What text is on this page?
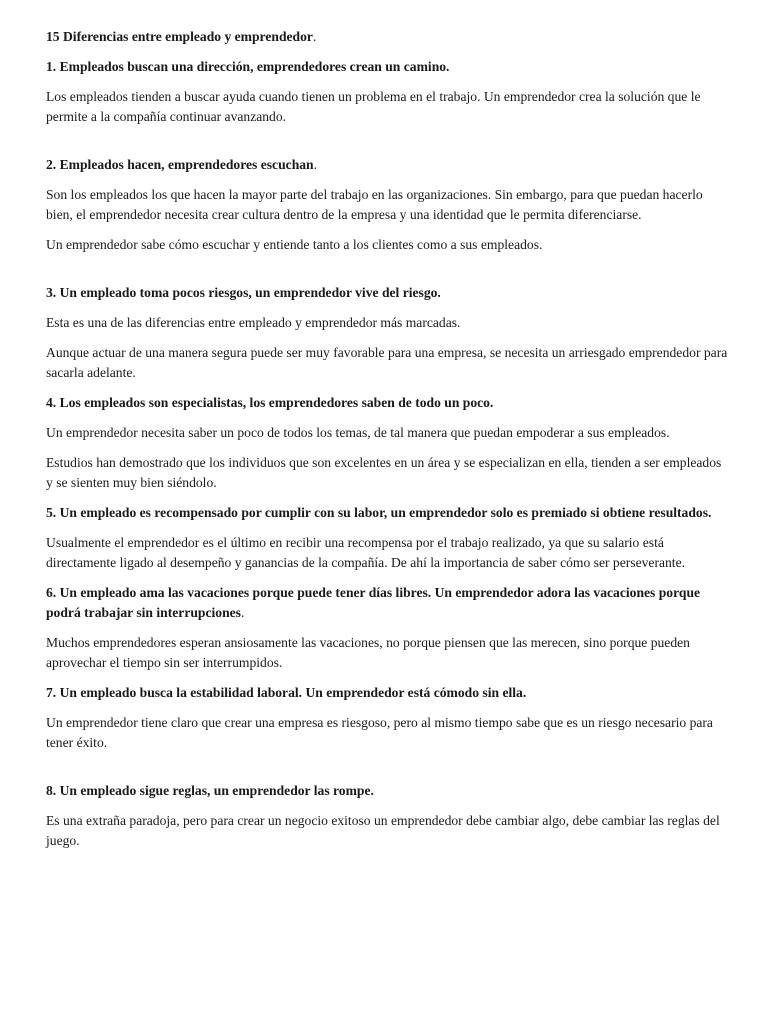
15 Diferencias entre empleado y emprendedor.
1. Empleados buscan una dirección, emprendedores crean un camino.

Los empleados tienden a buscar ayuda cuando tienen un problema en el trabajo. Un emprendedor crea la solución que le permite a la compañía continuar avanzando.

2. Empleados hacen, emprendedores escuchan.

Son los empleados los que hacen la mayor parte del trabajo en las organizaciones. Sin embargo, para que puedan hacerlo bien, el emprendedor necesita crear cultura dentro de la empresa y una identidad que le permita diferenciarse.

Un emprendedor sabe cómo escuchar y entiende tanto a los clientes como a sus empleados.

3. Un empleado toma pocos riesgos, un emprendedor vive del riesgo.

Esta es una de las diferencias entre empleado y emprendedor más marcadas.

Aunque actuar de una manera segura puede ser muy favorable para una empresa, se necesita un arriesgado emprendedor para sacarla adelante.

4. Los empleados son especialistas, los emprendedores saben de todo un poco.

Un emprendedor necesita saber un poco de todos los temas, de tal manera que puedan empoderar a sus empleados.

Estudios han demostrado que los individuos que son excelentes en un área y se especializan en ella, tienden a ser empleados y se sienten muy bien siéndolo.

5. Un empleado es recompensado por cumplir con su labor, un emprendedor solo es premiado si obtiene resultados.

Usualmente el emprendedor es el último en recibir una recompensa por el trabajo realizado, ya que su salario está directamente ligado al desempeño y ganancias de la compañía. De ahí la importancia de saber cómo ser perseverante.

6. Un empleado ama las vacaciones porque puede tener días libres. Un emprendedor adora las vacaciones porque podrá trabajar sin interrupciones.

Muchos emprendedores esperan ansiosamente las vacaciones, no porque piensen que las merecen, sino porque pueden aprovechar el tiempo sin ser interrumpidos.

7. Un empleado busca la estabilidad laboral. Un emprendedor está cómodo sin ella.

Un emprendedor tiene claro que crear una empresa es riesgoso, pero al mismo tiempo sabe que es un riesgo necesario para tener éxito.

8. Un empleado sigue reglas, un emprendedor las rompe.

Es una extraña paradoja, pero para crear un negocio exitoso un emprendedor debe cambiar algo, debe cambiar las reglas del juego.
